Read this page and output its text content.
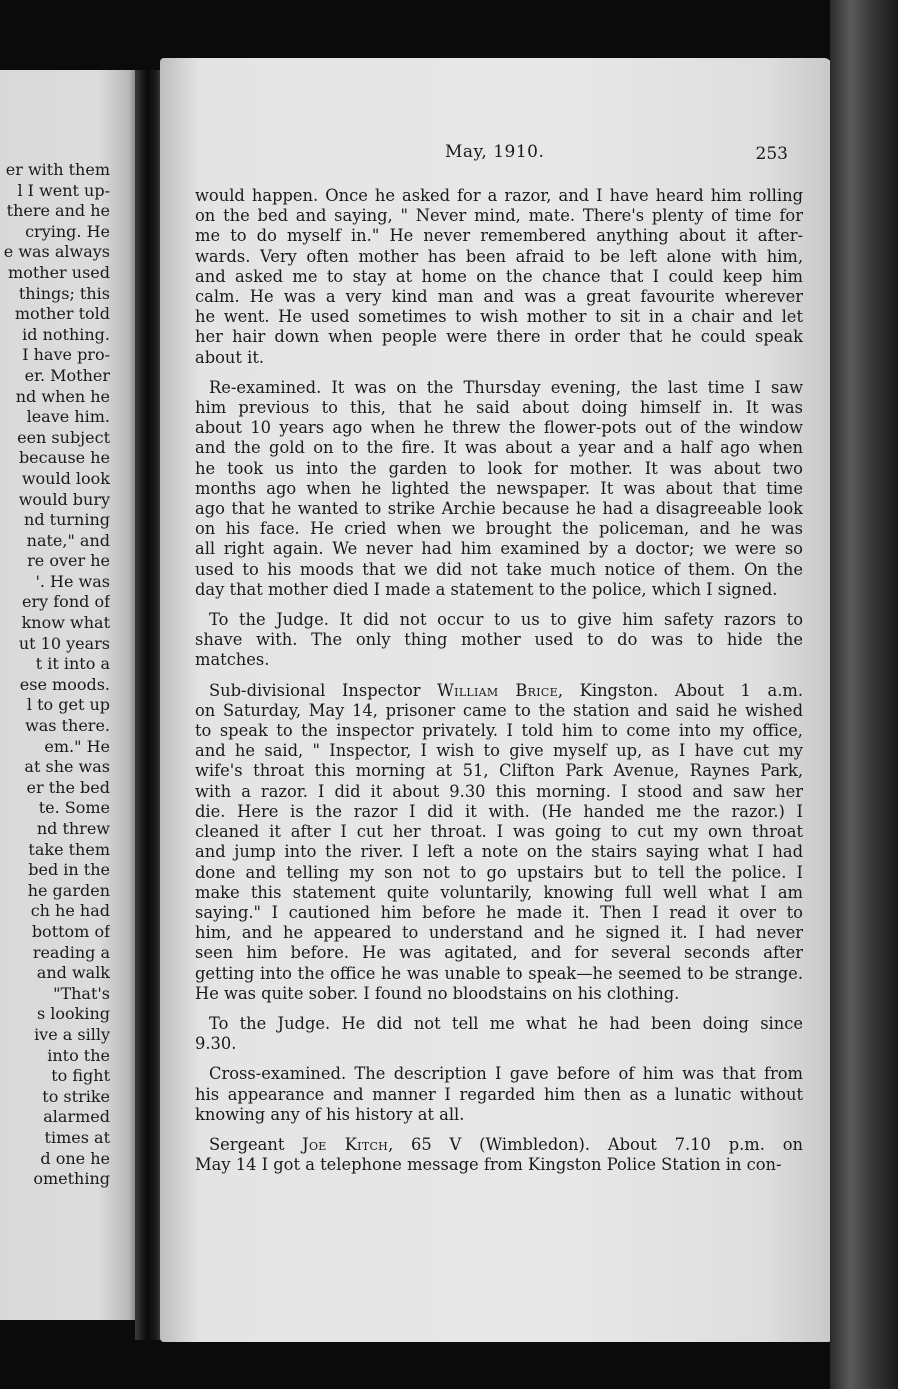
er with them
l I went up-
there and he
crying. He
e was always
mother used
things; this
mother told
id nothing.
I have pro-
er. Mother
nd when he
leave him.
een subject
because he
would look
would bury
nd turning
nate," and
re over he
'. He was
ery fond of
know what
ut 10 years
t it into a
ese moods.
l to get up
was there.
em." He
at she was
er the bed
te. Some
nd threw
take them
bed in the
he garden
ch he had
bottom of
reading a
and walk
"That's
s looking
ive a silly
into the
to fight
to strike
alarmed
times at
d one he
omething
May, 1910.	253

would happen. Once he asked for a razor, and I have heard him rolling
on the bed and saying, " Never mind, mate. There's plenty of time for
me to do myself in." He never remembered anything about it after-
wards. Very often mother has been afraid to be left alone with him,
and asked me to stay at home on the chance that I could keep him
calm. He was a very kind man and was a great favourite wherever
he went. He used sometimes to wish mother to sit in a chair and let
her hair down when people were there in order that he could speak
about it.

Re-examined. It was on the Thursday evening, the last time I saw
him previous to this, that he said about doing himself in. It was
about 10 years ago when he threw the flower-pots out of the window
and the gold on to the fire. It was about a year and a half ago when
he took us into the garden to look for mother. It was about two
months ago when he lighted the newspaper. It was about that time
ago that he wanted to strike Archie because he had a disagreeable look
on his face. He cried when we brought the policeman, and he was
all right again. We never had him examined by a doctor; we were so
used to his moods that we did not take much notice of them. On the
day that mother died I made a statement to the police, which I signed.

To the Judge. It did not occur to us to give him safety razors to
shave with. The only thing mother used to do was to hide the
matches.

Sub-divisional Inspector William Brice, Kingston. About 1 a.m.
on Saturday, May 14, prisoner came to the station and said he wished
to speak to the inspector privately. I told him to come into my office,
and he said, " Inspector, I wish to give myself up, as I have cut my
wife's throat this morning at 51, Clifton Park Avenue, Raynes Park,
with a razor. I did it about 9.30 this morning. I stood and saw her
die. Here is the razor I did it with. (He handed me the razor.) I
cleaned it after I cut her throat. I was going to cut my own throat
and jump into the river. I left a note on the stairs saying what I had
done and telling my son not to go upstairs but to tell the police. I
make this statement quite voluntarily, knowing full well what I am
saying." I cautioned him before he made it. Then I read it over to
him, and he appeared to understand and he signed it. I had never
seen him before. He was agitated, and for several seconds after
getting into the office he was unable to speak—he seemed to be strange.
He was quite sober. I found no bloodstains on his clothing.

To the Judge. He did not tell me what he had been doing since
9.30.

Cross-examined. The description I gave before of him was that from
his appearance and manner I regarded him then as a lunatic without
knowing any of his history at all.

Sergeant Joe Kitch, 65 V (Wimbledon). About 7.10 p.m. on
May 14 I got a telephone message from Kingston Police Station in con-
